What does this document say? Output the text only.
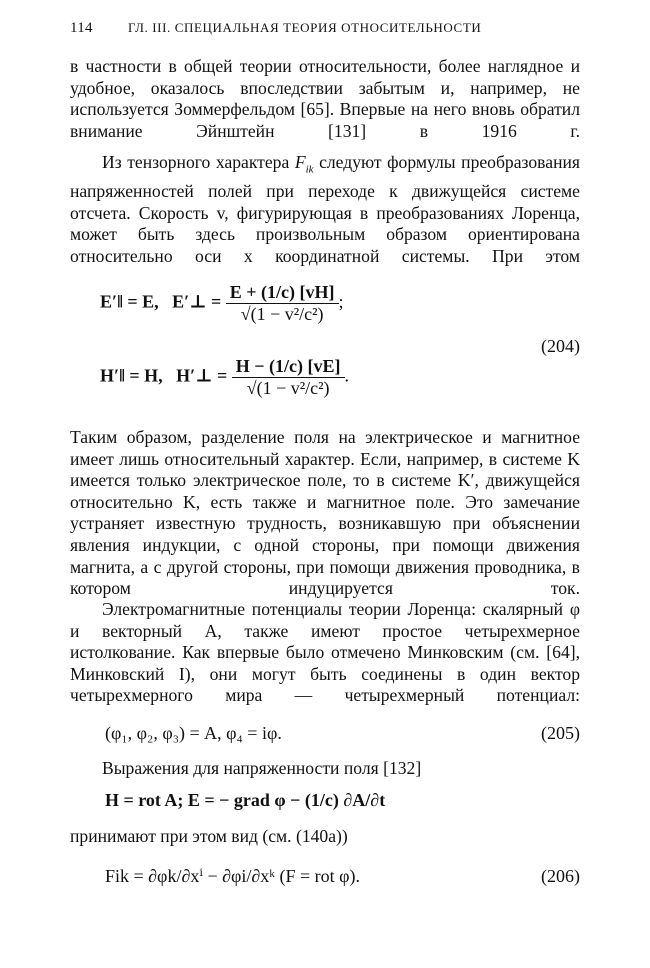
114	ГЛ. III. СПЕЦИАЛЬНАЯ ТЕОРИЯ ОТНОСИТЕЛЬНОСТИ
в частности в общей теории относительности, более наглядное и удобное, оказалось впоследствии забытым и, например, не используется Зоммерфельдом [65]. Впервые на него вновь обратил внимание Эйнштейн [131] в 1916 г.
Из тензорного характера $F_{ik}$ следуют формулы преобразования напряженностей полей при переходе к движущейся системе отсчета. Скорость v, фигурирующая в преобразованиях Лоренца, может быть здесь произвольным образом ориентирована относительно оси x координатной системы. При этом
E′‖ = E, E′⊥ = $\frac{E + (1/c) [vH]}{\text{√(1 − v²/c²)}}$ ;
(204)
H′‖ = H, H′⊥ = $\frac{H - (1/c) [vE]}{\text{√(1 − v²/c²)}}$ .
Таким образом, разделение поля на электрическое и магнитное имеет лишь относительный характер. Если, например, в системе K имеется только электрическое поле, то в системе K′, движущейся относительно K, есть также и магнитное поле. Это замечание устраняет известную трудность, возникавшую при объяснении явления индукции, с одной стороны, при помощи движения магнита, а с другой стороны, при помощи движения проводника, в котором индуцируется ток.
Электромагнитные потенциалы теории Лоренца: скалярный φ и векторный A, также имеют простое четырехмерное истолкование. Как впервые было отмечено Минковским (см. [64], Минковский I), они могут быть соединены в один вектор четырехмерного мира — четырехмерный потенциал:
(φ₁, φ₂, φ₃) = A, φ₄ = iφ.	(205)
Выражения для напряженности поля [132]
H = rot A; E = − grad φ − (1/c) ∂A/∂t
принимают при этом вид (см. (140а))
Fik = ∂φk/∂xⁱ − ∂φi/∂xᵏ (F = rot φ).	(206)
